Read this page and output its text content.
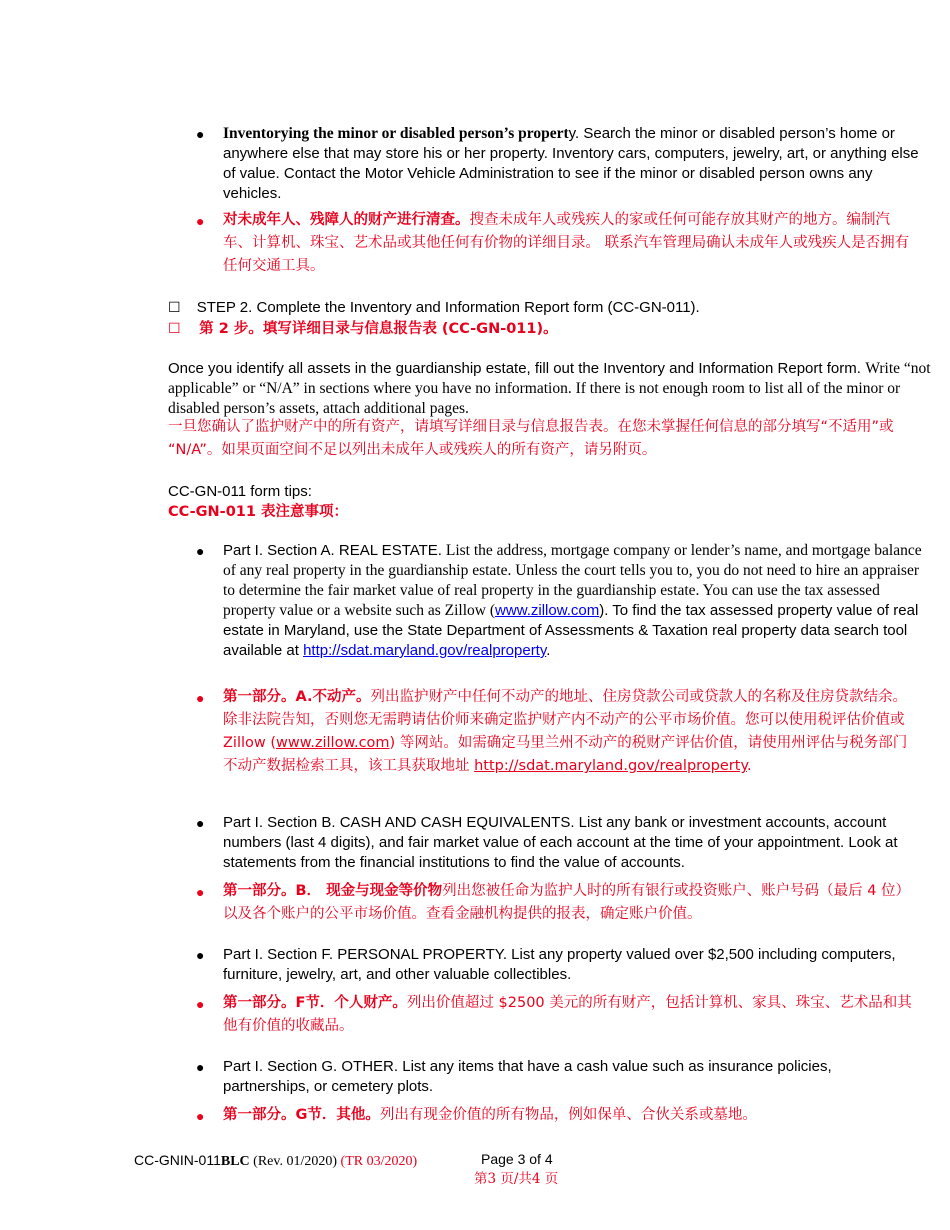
● Inventorying the minor or disabled person’s property. Search the minor or disabled person’s home or anywhere else that may store his or her property. Inventory cars, computers, jewelry, art, or anything else of value. Contact the Motor Vehicle Administration to see if the minor or disabled person owns any vehicles.
● 对未成年人、残障人的财产进行清查。搜查未成年人或残疾人的家或任何可能存放其财产的地方。编制汽车、计算机、珠宝、艺术品或其他任何有价物的详细目录。 联系汽车管理局确认未成年人或残疾人是否拥有任何交通工具。
☐ STEP 2. Complete the Inventory and Information Report form (CC-GN-011).
☐ 第 2 步。填写详细目录与信息报告表 (CC-GN-011)。
Once you identify all assets in the guardianship estate, fill out the Inventory and Information Report form. Write “not applicable” or “N/A” in sections where you have no information. If there is not enough room to list all of the minor or disabled person’s assets, attach additional pages.
一旦您确认了监护财产中的所有资产，请填写详细目录与信息报告表。在您未掌握任何信息的部分填写“不适用”或 “N/A”。如果页面空间不足以列出未成年人或残疾人的所有资产，请另附页。
CC-GN-011 form tips:
CC-GN-011 表注意事项：
● Part I. Section A. REAL ESTATE. List the address, mortgage company or lender’s name, and mortgage balance of any real property in the guardianship estate. Unless the court tells you to, you do not need to hire an appraiser to determine the fair market value of real property in the guardianship estate. You can use the tax assessed property value or a website such as Zillow (www.zillow.com). To find the tax assessed property value of real estate in Maryland, use the State Department of Assessments & Taxation real property data search tool available at http://sdat.maryland.gov/realproperty.
● 第一部分。A.不动产。列出监护财产中任何不动产的地址、住房贷款公司或贷款人的名称及住房贷款结余。除非法院告知，否则您无需聘请估价师来确定监护财产内不动产的公平市场价值。您可以使用税评估价值或 Zillow (www.zillow.com) 等网站。如需确定马里兰州不动产的税财产评估价值，请使用州评估与税务部门不动产数据检索工具，该工具获取地址 http://sdat.maryland.gov/realproperty.
● Part I. Section B. CASH AND CASH EQUIVALENTS. List any bank or investment accounts, account numbers (last 4 digits), and fair market value of each account at the time of your appointment. Look at statements from the financial institutions to find the value of accounts.
● 第一部分。B． 现金与现金等价物列出您被任命为监护人时的所有银行或投资账户、账户号码（最后 4 位）以及各个账户的公平市场价值。查看金融机构提供的报表，确定账户价值。
● Part I. Section F. PERSONAL PROPERTY. List any property valued over $2,500 including computers, furniture, jewelry, art, and other valuable collectibles.
● 第一部分。F节．个人财产。列出价值超过 $2500 美元的所有财产，包括计算机、家具、珠宝、艺术品和其他有价值的收藏品。
● Part I. Section G. OTHER. List any items that have a cash value such as insurance policies, partnerships, or cemetery plots.
● 第一部分。G节．其他。列出有现金价值的所有物品，例如保单、合伙关系或墓地。
CC-GNIN-011BLC (Rev. 01/2020) (TR 03/2020)	Page 3 of 4
第3 页/共4 页
